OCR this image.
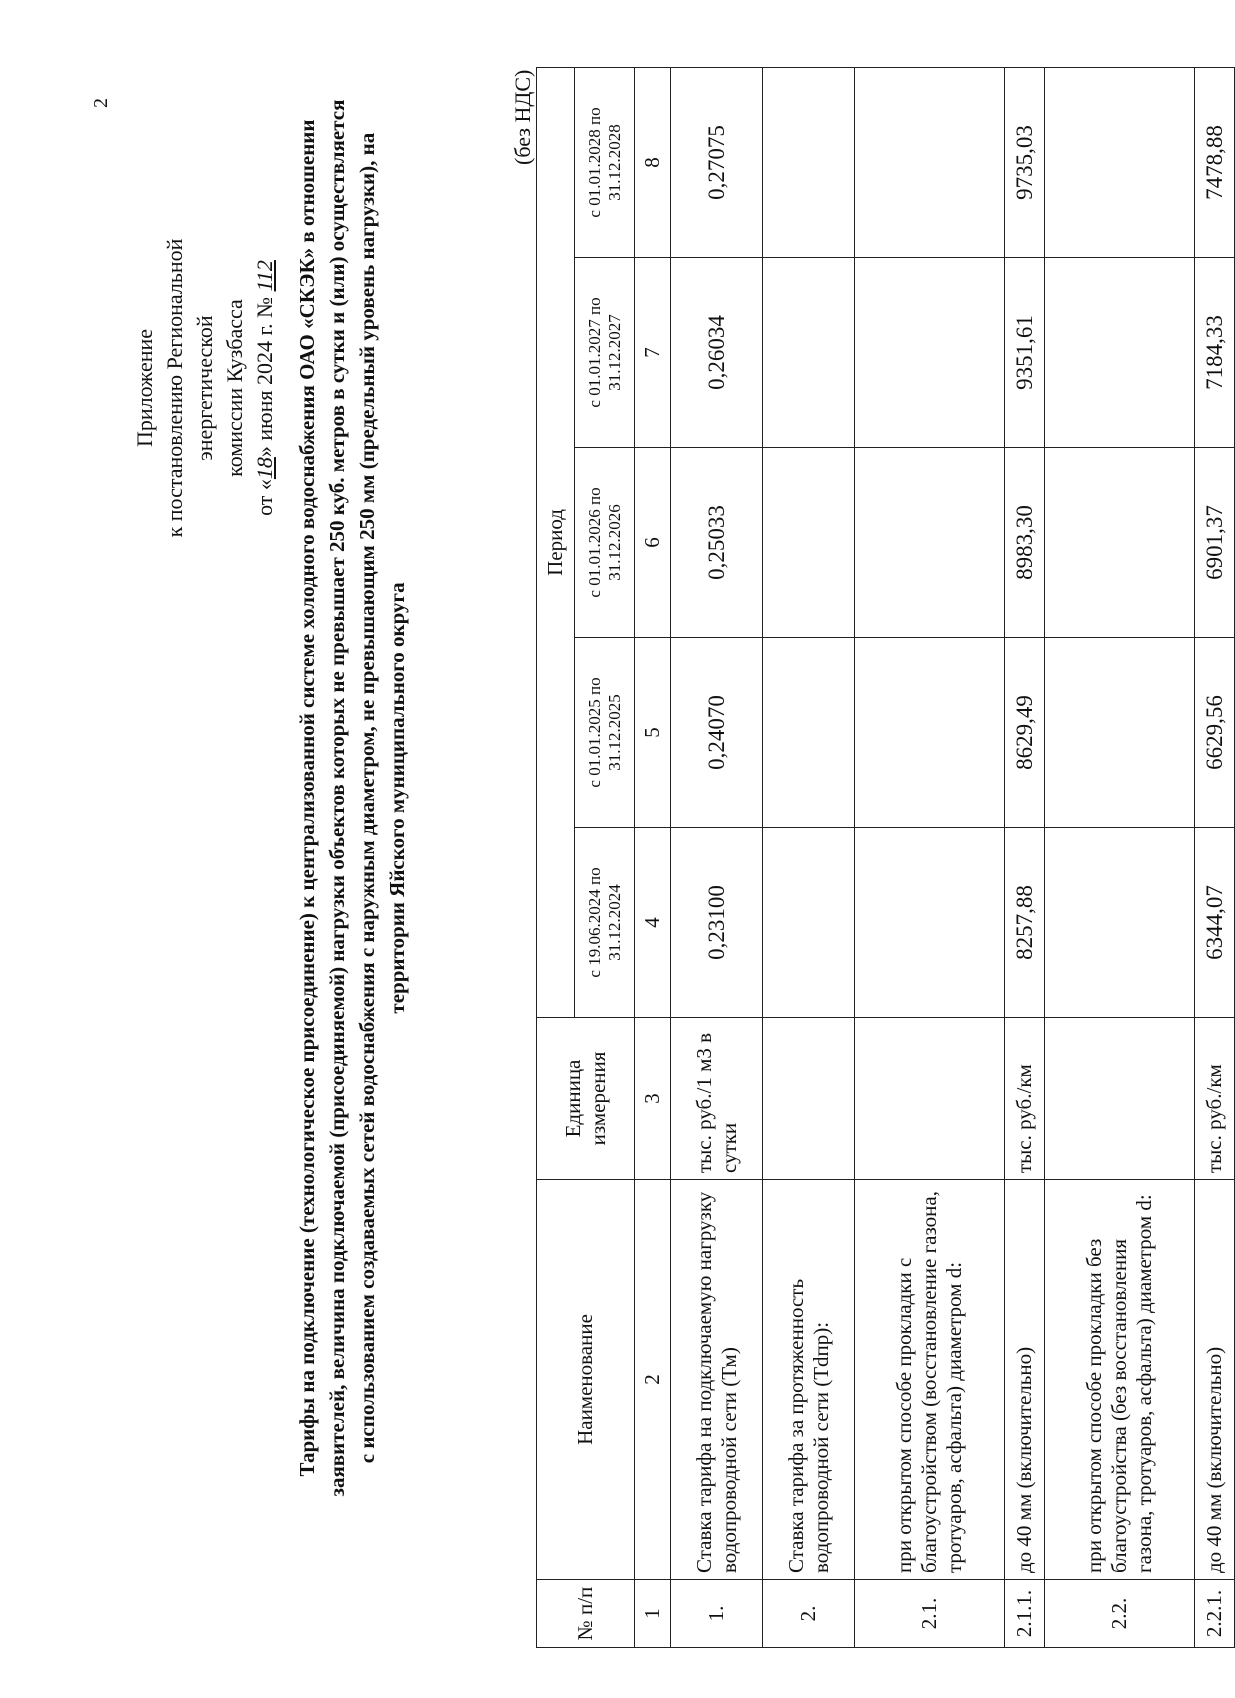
2
Приложение к постановлению Региональной энергетической комиссии Кузбасса
от «18» июня 2024 г. № 112 Тарифы на подключение (технологическое присоединение) к централизованной системе холодного водоснабжения ОАО «СКЭК» в отношении заявителей, величина подключаемой (присоединяемой) нагрузки объектов которых не превышает 250 куб. метров в сутки и (или) осуществляется с использованием создаваемых сетей водоснабжения с наружным диаметром, не превышающим 250 мм (предельный уровень нагрузки), на территории Яйского муниципального округа
(без НДС)
№ п/п	Наименование	Единица измерения	Период				
			с 19.06.2024 по 31.12.2024	с 01.01.2025 по 31.12.2025	с 01.01.2026 по 31.12.2026	с 01.01.2027 по 31.12.2027	с 01.01.2028 по 31.12.2028
1	2	3	4	5	6	7	8
1.	Ставка тарифа на подключаемую нагрузку водопроводной сети (Тм)	тыс. руб./1 м3 в сутки	0,23100	0,24070	0,25033	0,26034	0,27075
2.	Ставка тарифа за протяженность водопроводной сети (Тdпр):						
2.1.	при открытом способе прокладки с благоустройством (восстановление газона, тротуаров, асфальта) диаметром d:						
2.1.1.	до 40 мм (включительно)	тыс. руб./км	8257,88	8629,49	8983,30	9351,61	9735,03
2.2.	при открытом способе прокладки без благоустройства (без восстановления газона, тротуаров, асфальта) диаметром d:						
2.2.1.	до 40 мм (включительно)	тыс. руб./км	6344,07	6629,56	6901,37	7184,33	7478,88
